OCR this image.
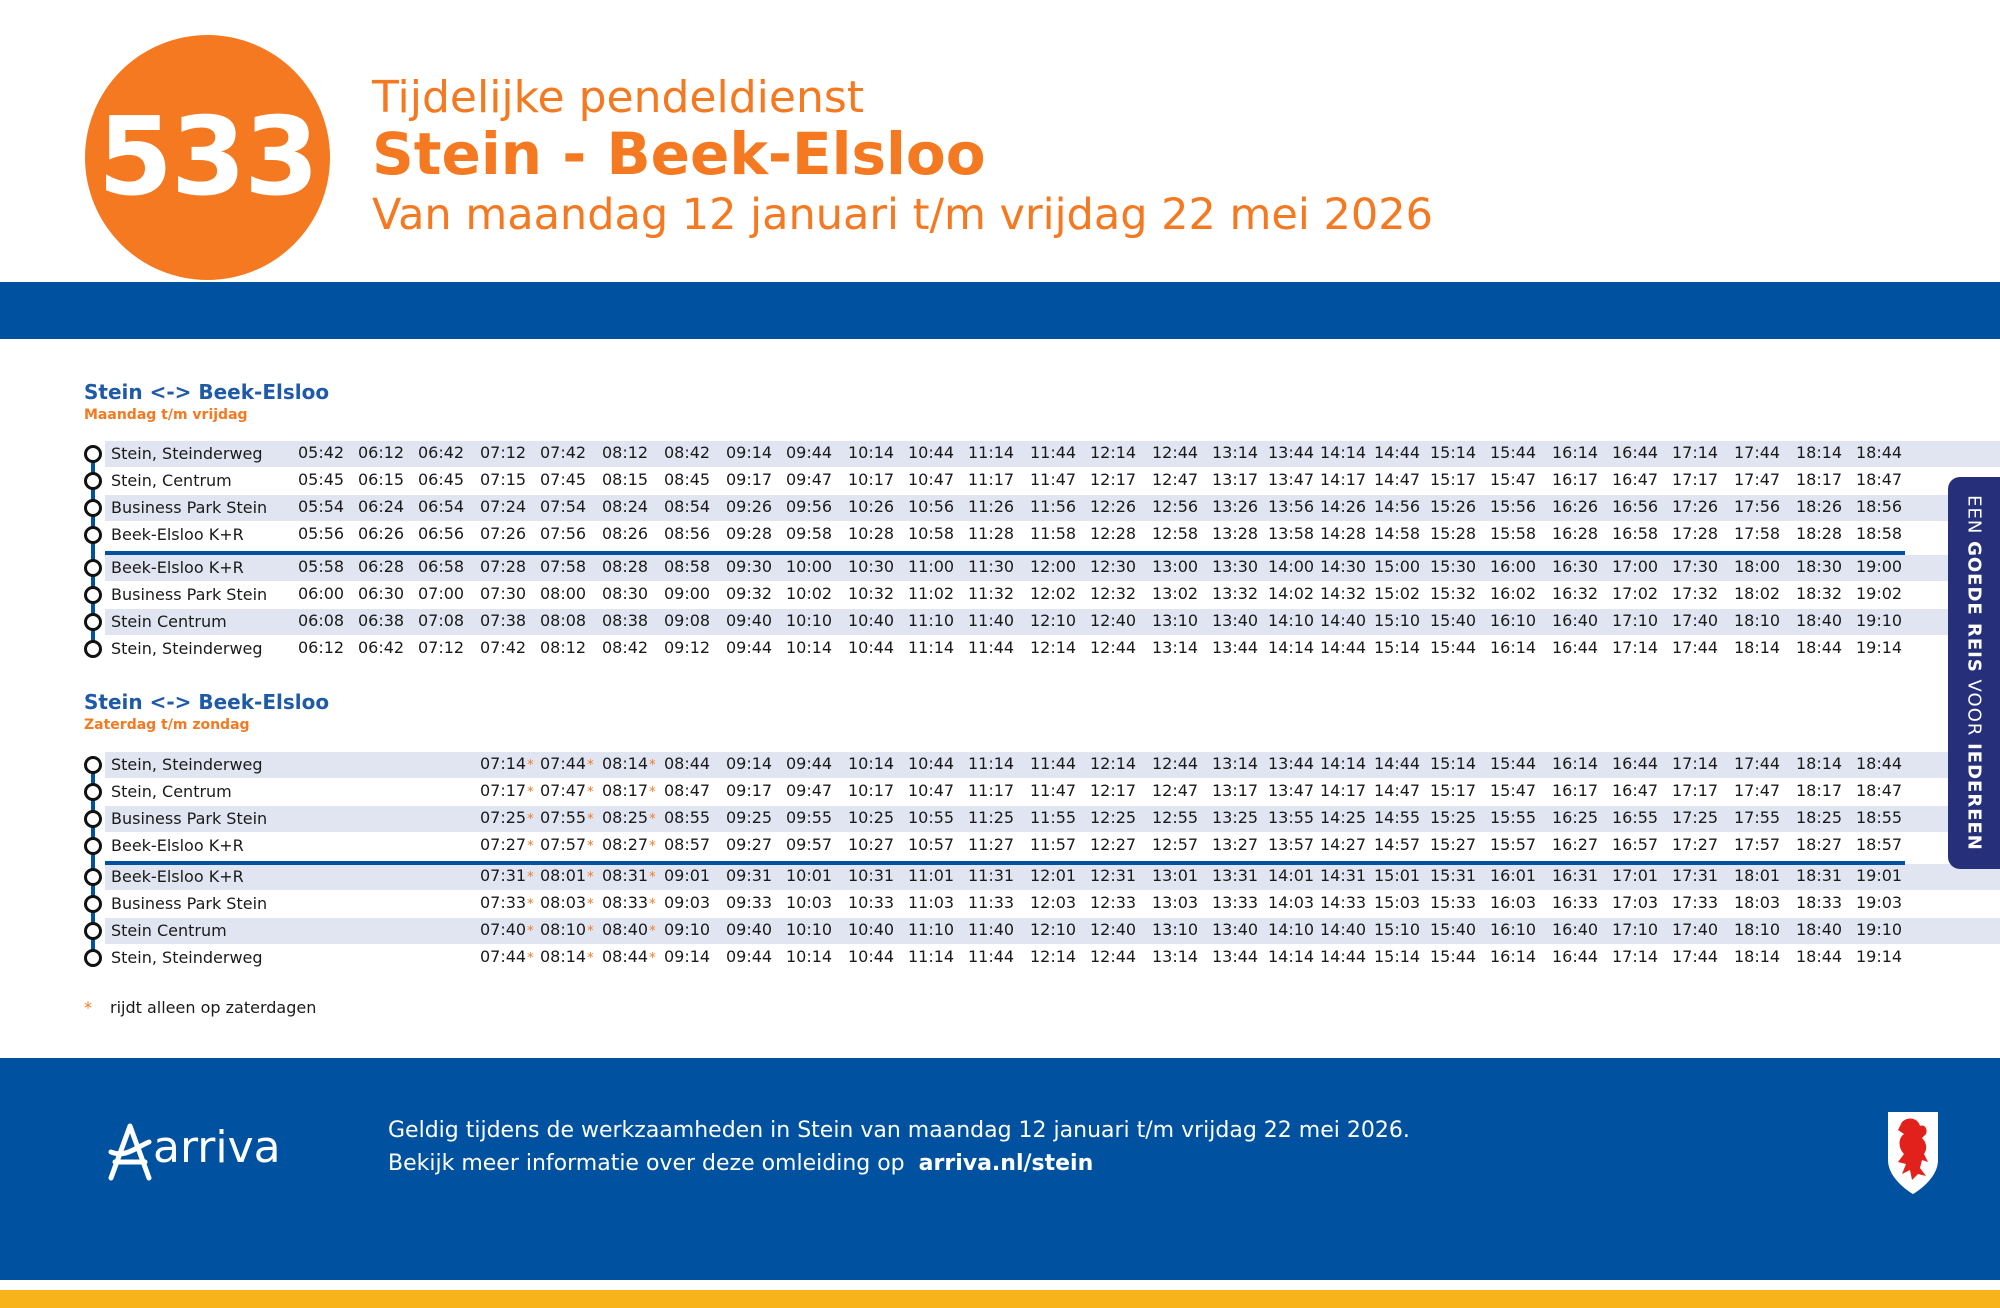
533 Tijdelijke pendeldienst
Stein - Beek-Elsloo
Van maandag 12 januari t/m vrijdag 22 mei 2026
Stein <-> Beek-Elsloo
Maandag t/m vrijdag
Stein, Steinderweg	05:42 06:12 06:42 07:12 07:42 08:12 08:42 09:14 09:44 10:14 10:44 11:14 11:44 12:14 12:44 13:14 13:44 14:14 14:44 15:14 15:44 16:14 16:44 17:14 17:44 18:14 18:44
Stein, Centrum	05:45 06:15 06:45 07:15 07:45 08:15 08:45 09:17 09:47 10:17 10:47 11:17 11:47 12:17 12:47 13:17 13:47 14:17 14:47 15:17 15:47 16:17 16:47 17:17 17:47 18:17 18:47
Business Park Stein	05:54 06:24 06:54 07:24 07:54 08:24 08:54 09:26 09:56 10:26 10:56 11:26 11:56 12:26 12:56 13:26 13:56 14:26 14:56 15:26 15:56 16:26 16:56 17:26 17:56 18:26 18:56
Beek-Elsloo K+R	05:56 06:26 06:56 07:26 07:56 08:26 08:56 09:28 09:58 10:28 10:58 11:28 11:58 12:28 12:58 13:28 13:58 14:28 14:58 15:28 15:58 16:28 16:58 17:28 17:58 18:28 18:58
Beek-Elsloo K+R	05:58 06:28 06:58 07:28 07:58 08:28 08:58 09:30 10:00 10:30 11:00 11:30 12:00 12:30 13:00 13:30 14:00 14:30 15:00 15:30 16:00 16:30 17:00 17:30 18:00 18:30 19:00
Business Park Stein	06:00 06:30 07:00 07:30 08:00 08:30 09:00 09:32 10:02 10:32 11:02 11:32 12:02 12:32 13:02 13:32 14:02 14:32 15:02 15:32 16:02 16:32 17:02 17:32 18:02 18:32 19:02
Stein Centrum	06:08 06:38 07:08 07:38 08:08 08:38 09:08 09:40 10:10 10:40 11:10 11:40 12:10 12:40 13:10 13:40 14:10 14:40 15:10 15:40 16:10 16:40 17:10 17:40 18:10 18:40 19:10
Stein, Steinderweg	06:12 06:42 07:12 07:42 08:12 08:42 09:12 09:44 10:14 10:44 11:14 11:44 12:14 12:44 13:14 13:44 14:14 14:44 15:14 15:44 16:14 16:44 17:14 17:44 18:14 18:44 19:14
Stein <-> Beek-Elsloo
Zaterdag t/m zondag
Stein, Steinderweg	07:14* 07:44* 08:14* 08:44 09:14 09:44 10:14 10:44 11:14 11:44 12:14 12:44 13:14 13:44 14:14 14:44 15:14 15:44 16:14 16:44 17:14 17:44 18:14 18:44
Stein, Centrum	07:17* 07:47* 08:17* 08:47 09:17 09:47 10:17 10:47 11:17 11:47 12:17 12:47 13:17 13:47 14:17 14:47 15:17 15:47 16:17 16:47 17:17 17:47 18:17 18:47
Business Park Stein	07:25* 07:55* 08:25* 08:55 09:25 09:55 10:25 10:55 11:25 11:55 12:25 12:55 13:25 13:55 14:25 14:55 15:25 15:55 16:25 16:55 17:25 17:55 18:25 18:55
Beek-Elsloo K+R	07:27* 07:57* 08:27* 08:57 09:27 09:57 10:27 10:57 11:27 11:57 12:27 12:57 13:27 13:57 14:27 14:57 15:27 15:57 16:27 16:57 17:27 17:57 18:27 18:57
Beek-Elsloo K+R	07:31* 08:01* 08:31* 09:01 09:31 10:01 10:31 11:01 11:31 12:01 12:31 13:01 13:31 14:01 14:31 15:01 15:31 16:01 16:31 17:01 17:31 18:01 18:31 19:01
Business Park Stein	07:33* 08:03* 08:33* 09:03 09:33 10:03 10:33 11:03 11:33 12:03 12:33 13:03 13:33 14:03 14:33 15:03 15:33 16:03 16:33 17:03 17:33 18:03 18:33 19:03
Stein Centrum	07:40* 08:10* 08:40* 09:10 09:40 10:10 10:40 11:10 11:40 12:10 12:40 13:10 13:40 14:10 14:40 15:10 15:40 16:10 16:40 17:10 17:40 18:10 18:40 19:10
Stein, Steinderweg	07:44* 08:14* 08:44* 09:14 09:44 10:14 10:44 11:14 11:44 12:14 12:44 13:14 13:44 14:14 14:44 15:14 15:44 16:14 16:44 17:14 17:44 18:14 18:44 19:14
* rijdt alleen op zaterdagen
EEN GOEDE REIS VOOR IEDEREEN
arriva	Geldig tijdens de werkzaamheden in Stein van maandag 12 januari t/m vrijdag 22 mei 2026.
Bekijk meer informatie over deze omleiding op arriva.nl/stein
